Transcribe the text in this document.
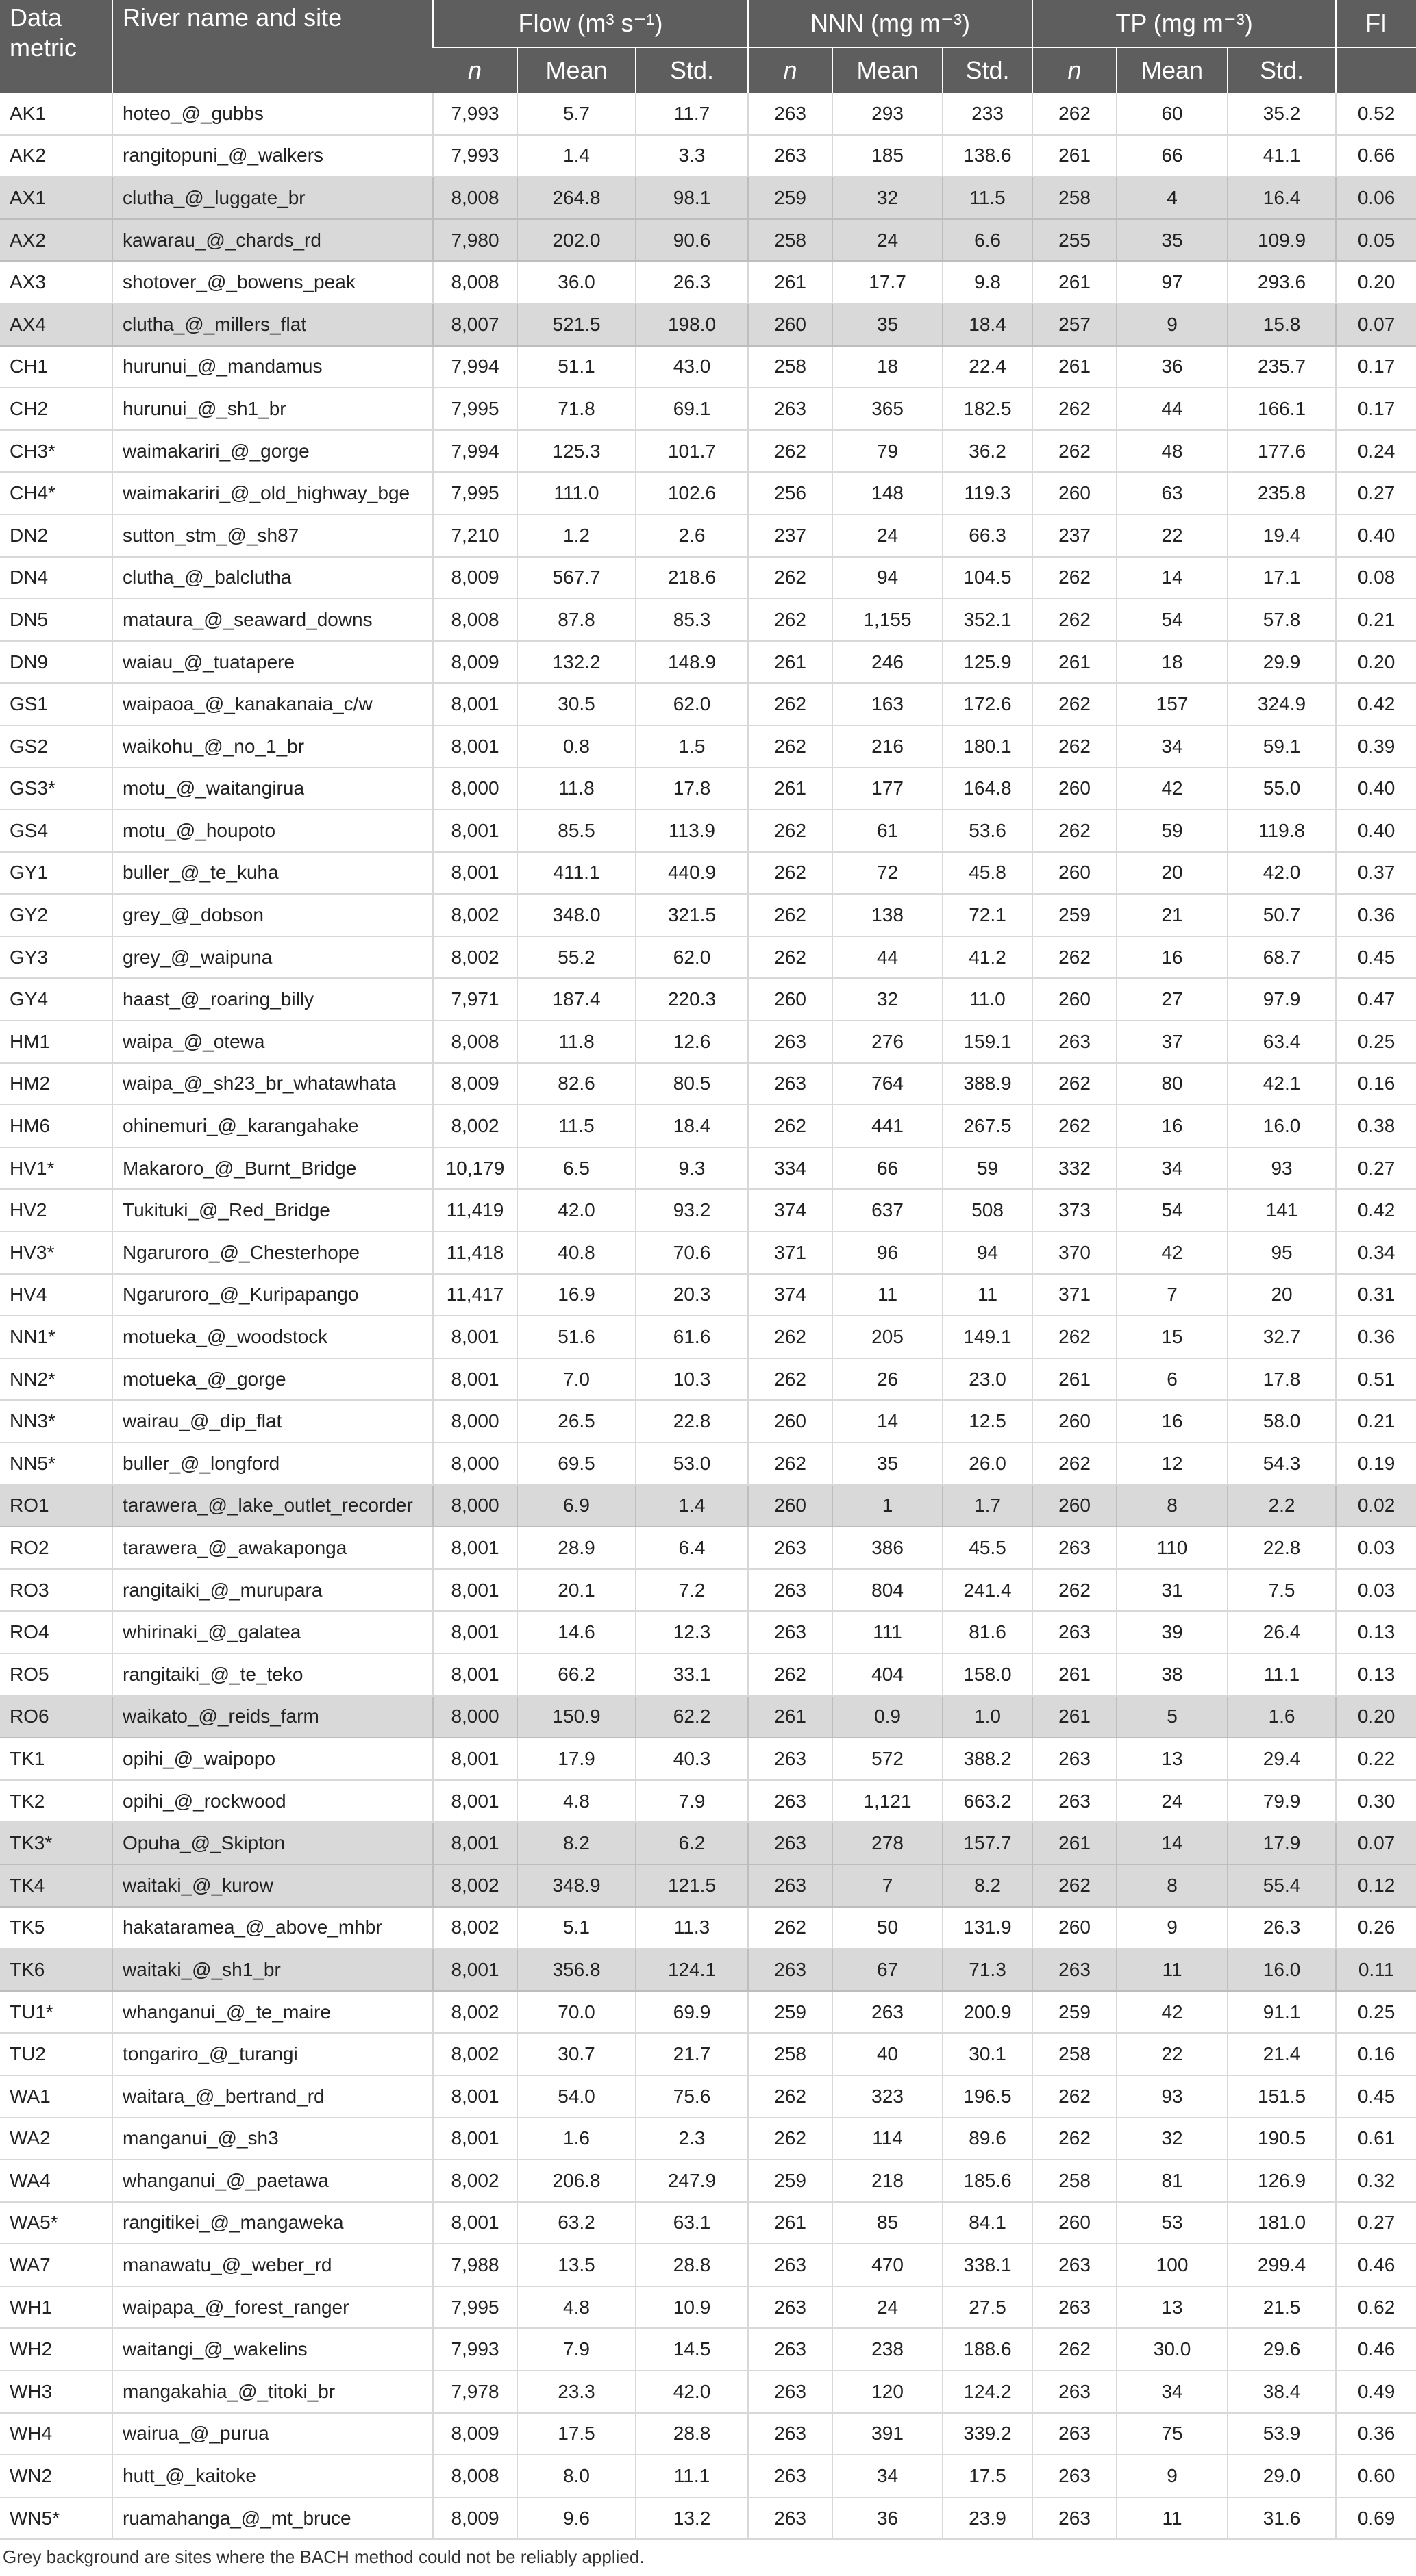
Data metric	River name and site	Flow (m³ s⁻¹)			NNN (mg m⁻³)			TP (mg m⁻³)			FI
		n	Mean	Std.	n	Mean	Std.	n	Mean	Std.	
AK1	hoteo_@_gubbs	7,993	5.7	11.7	263	293	233	262	60	35.2	0.52
AK2	rangitopuni_@_walkers	7,993	1.4	3.3	263	185	138.6	261	66	41.1	0.66
AX1	clutha_@_luggate_br	8,008	264.8	98.1	259	32	11.5	258	4	16.4	0.06
AX2	kawarau_@_chards_rd	7,980	202.0	90.6	258	24	6.6	255	35	109.9	0.05
AX3	shotover_@_bowens_peak	8,008	36.0	26.3	261	17.7	9.8	261	97	293.6	0.20
AX4	clutha_@_millers_flat	8,007	521.5	198.0	260	35	18.4	257	9	15.8	0.07
CH1	hurunui_@_mandamus	7,994	51.1	43.0	258	18	22.4	261	36	235.7	0.17
CH2	hurunui_@_sh1_br	7,995	71.8	69.1	263	365	182.5	262	44	166.1	0.17
CH3*	waimakariri_@_gorge	7,994	125.3	101.7	262	79	36.2	262	48	177.6	0.24
CH4*	waimakariri_@_old_highway_bge	7,995	111.0	102.6	256	148	119.3	260	63	235.8	0.27
DN2	sutton_stm_@_sh87	7,210	1.2	2.6	237	24	66.3	237	22	19.4	0.40
DN4	clutha_@_balclutha	8,009	567.7	218.6	262	94	104.5	262	14	17.1	0.08
DN5	mataura_@_seaward_downs	8,008	87.8	85.3	262	1,155	352.1	262	54	57.8	0.21
DN9	waiau_@_tuatapere	8,009	132.2	148.9	261	246	125.9	261	18	29.9	0.20
GS1	waipaoa_@_kanakanaia_c/w	8,001	30.5	62.0	262	163	172.6	262	157	324.9	0.42
GS2	waikohu_@_no_1_br	8,001	0.8	1.5	262	216	180.1	262	34	59.1	0.39
GS3*	motu_@_waitangirua	8,000	11.8	17.8	261	177	164.8	260	42	55.0	0.40
GS4	motu_@_houpoto	8,001	85.5	113.9	262	61	53.6	262	59	119.8	0.40
GY1	buller_@_te_kuha	8,001	411.1	440.9	262	72	45.8	260	20	42.0	0.37
GY2	grey_@_dobson	8,002	348.0	321.5	262	138	72.1	259	21	50.7	0.36
GY3	grey_@_waipuna	8,002	55.2	62.0	262	44	41.2	262	16	68.7	0.45
GY4	haast_@_roaring_billy	7,971	187.4	220.3	260	32	11.0	260	27	97.9	0.47
HM1	waipa_@_otewa	8,008	11.8	12.6	263	276	159.1	263	37	63.4	0.25
HM2	waipa_@_sh23_br_whatawhata	8,009	82.6	80.5	263	764	388.9	262	80	42.1	0.16
HM6	ohinemuri_@_karangahake	8,002	11.5	18.4	262	441	267.5	262	16	16.0	0.38
HV1*	Makaroro_@_Burnt_Bridge	10,179	6.5	9.3	334	66	59	332	34	93	0.27
HV2	Tukituki_@_Red_Bridge	11,419	42.0	93.2	374	637	508	373	54	141	0.42
HV3*	Ngaruroro_@_Chesterhope	11,418	40.8	70.6	371	96	94	370	42	95	0.34
HV4	Ngaruroro_@_Kuripapango	11,417	16.9	20.3	374	11	11	371	7	20	0.31
NN1*	motueka_@_woodstock	8,001	51.6	61.6	262	205	149.1	262	15	32.7	0.36
NN2*	motueka_@_gorge	8,001	7.0	10.3	262	26	23.0	261	6	17.8	0.51
NN3*	wairau_@_dip_flat	8,000	26.5	22.8	260	14	12.5	260	16	58.0	0.21
NN5*	buller_@_longford	8,000	69.5	53.0	262	35	26.0	262	12	54.3	0.19
RO1	tarawera_@_lake_outlet_recorder	8,000	6.9	1.4	260	1	1.7	260	8	2.2	0.02
RO2	tarawera_@_awakaponga	8,001	28.9	6.4	263	386	45.5	263	110	22.8	0.03
RO3	rangitaiki_@_murupara	8,001	20.1	7.2	263	804	241.4	262	31	7.5	0.03
RO4	whirinaki_@_galatea	8,001	14.6	12.3	263	111	81.6	263	39	26.4	0.13
RO5	rangitaiki_@_te_teko	8,001	66.2	33.1	262	404	158.0	261	38	11.1	0.13
RO6	waikato_@_reids_farm	8,000	150.9	62.2	261	0.9	1.0	261	5	1.6	0.20
TK1	opihi_@_waipopo	8,001	17.9	40.3	263	572	388.2	263	13	29.4	0.22
TK2	opihi_@_rockwood	8,001	4.8	7.9	263	1,121	663.2	263	24	79.9	0.30
TK3*	Opuha_@_Skipton	8,001	8.2	6.2	263	278	157.7	261	14	17.9	0.07
TK4	waitaki_@_kurow	8,002	348.9	121.5	263	7	8.2	262	8	55.4	0.12
TK5	hakataramea_@_above_mhbr	8,002	5.1	11.3	262	50	131.9	260	9	26.3	0.26
TK6	waitaki_@_sh1_br	8,001	356.8	124.1	263	67	71.3	263	11	16.0	0.11
TU1*	whanganui_@_te_maire	8,002	70.0	69.9	259	263	200.9	259	42	91.1	0.25
TU2	tongariro_@_turangi	8,002	30.7	21.7	258	40	30.1	258	22	21.4	0.16
WA1	waitara_@_bertrand_rd	8,001	54.0	75.6	262	323	196.5	262	93	151.5	0.45
WA2	manganui_@_sh3	8,001	1.6	2.3	262	114	89.6	262	32	190.5	0.61
WA4	whanganui_@_paetawa	8,002	206.8	247.9	259	218	185.6	258	81	126.9	0.32
WA5*	rangitikei_@_mangaweka	8,001	63.2	63.1	261	85	84.1	260	53	181.0	0.27
WA7	manawatu_@_weber_rd	7,988	13.5	28.8	263	470	338.1	263	100	299.4	0.46
WH1	waipapa_@_forest_ranger	7,995	4.8	10.9	263	24	27.5	263	13	21.5	0.62
WH2	waitangi_@_wakelins	7,993	7.9	14.5	263	238	188.6	262	30.0	29.6	0.46
WH3	mangakahia_@_titoki_br	7,978	23.3	42.0	263	120	124.2	263	34	38.4	0.49
WH4	wairua_@_purua	8,009	17.5	28.8	263	391	339.2	263	75	53.9	0.36
WN2	hutt_@_kaitoke	8,008	8.0	11.1	263	34	17.5	263	9	29.0	0.60
WN5*	ruamahanga_@_mt_bruce	8,009	9.6	13.2	263	36	23.9	263	11	31.6	0.69
Grey background are sites where the BACH method could not be reliably applied.
